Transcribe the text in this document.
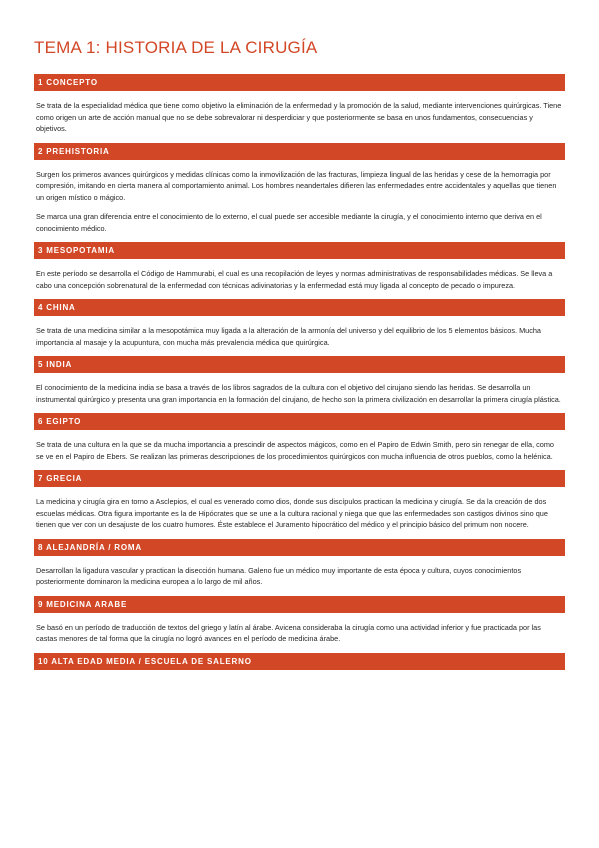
TEMA 1: HISTORIA DE LA CIRUGÍA
1 CONCEPTO

Se trata de la especialidad médica que tiene como objetivo la eliminación de la enfermedad y la promoción de la salud, mediante intervenciones quirúrgicas. Tiene como origen un arte de acción manual que no se debe sobrevalorar ni desperdiciar y que posteriormente se basa en unos fundamentos, consecuencias y objetivos.

2 PREHISTORIA

Surgen los primeros avances quirúrgicos y medidas clínicas como la inmovilización de las fracturas, limpieza lingual de las heridas y cese de la hemorragia por compresión, imitando en cierta manera al comportamiento animal. Los hombres neandertales difieren las enfermedades entre accidentales y aquellas que tienen un origen místico o mágico.

Se marca una gran diferencia entre el conocimiento de lo externo, el cual puede ser accesible mediante la cirugía, y el conocimiento interno que deriva en el conocimiento médico.

3 MESOPOTAMIA

En este período se desarrolla el Código de Hammurabi, el cual es una recopilación de leyes y normas administrativas de responsabilidades médicas. Se lleva a cabo una concepción sobrenatural de la enfermedad con técnicas adivinatorias y la enfermedad está muy ligada al concepto de pecado o impureza.

4 CHINA

Se trata de una medicina similar a la mesopotámica muy ligada a la alteración de la armonía del universo y del equilibrio de los 5 elementos básicos. Mucha importancia al masaje y la acupuntura, con mucha más prevalencia médica que quirúrgica.

5 INDIA

El conocimiento de la medicina india se basa a través de los libros sagrados de la cultura con el objetivo del cirujano siendo las heridas. Se desarrolla un instrumental quirúrgico y presenta una gran importancia en la formación del cirujano, de hecho son la primera civilización en desarrollar la primera cirugía plástica.

6 EGIPTO

Se trata de una cultura en la que se da mucha importancia a prescindir de aspectos mágicos, como en el Papiro de Edwin Smith, pero sin renegar de ella, como se ve en el Papiro de Ebers. Se realizan las primeras descripciones de los procedimientos quirúrgicos con mucha influencia de otros pueblos, como la helénica.

7 GRECIA

La medicina y cirugía gira en torno a Asclepios, el cual es venerado como dios, donde sus discípulos practican la medicina y cirugía. Se da la creación de dos escuelas médicas. Otra figura importante es la de Hipócrates que se une a la cultura racional y niega que que las enfermedades son castigos divinos sino que tienen que ver con un desajuste de los cuatro humores. Éste establece el Juramento hipocrático del médico y el principio básico del primum non nocere.

8 ALEJANDRÍA / ROMA

Desarrollan la ligadura vascular y practican la disección humana. Galeno fue un médico muy importante de esta época y cultura, cuyos conocimientos posteriormente dominaron la medicina europea a lo largo de mil años.

9 MEDICINA ARABE

Se basó en un período de traducción de textos del griego y latín al árabe. Avicena consideraba la cirugía como una actividad inferior y fue practicada por las castas menores de tal forma que la cirugía no logró avances en el período de medicina árabe.

10 ALTA EDAD MEDIA / ESCUELA DE SALERNO
